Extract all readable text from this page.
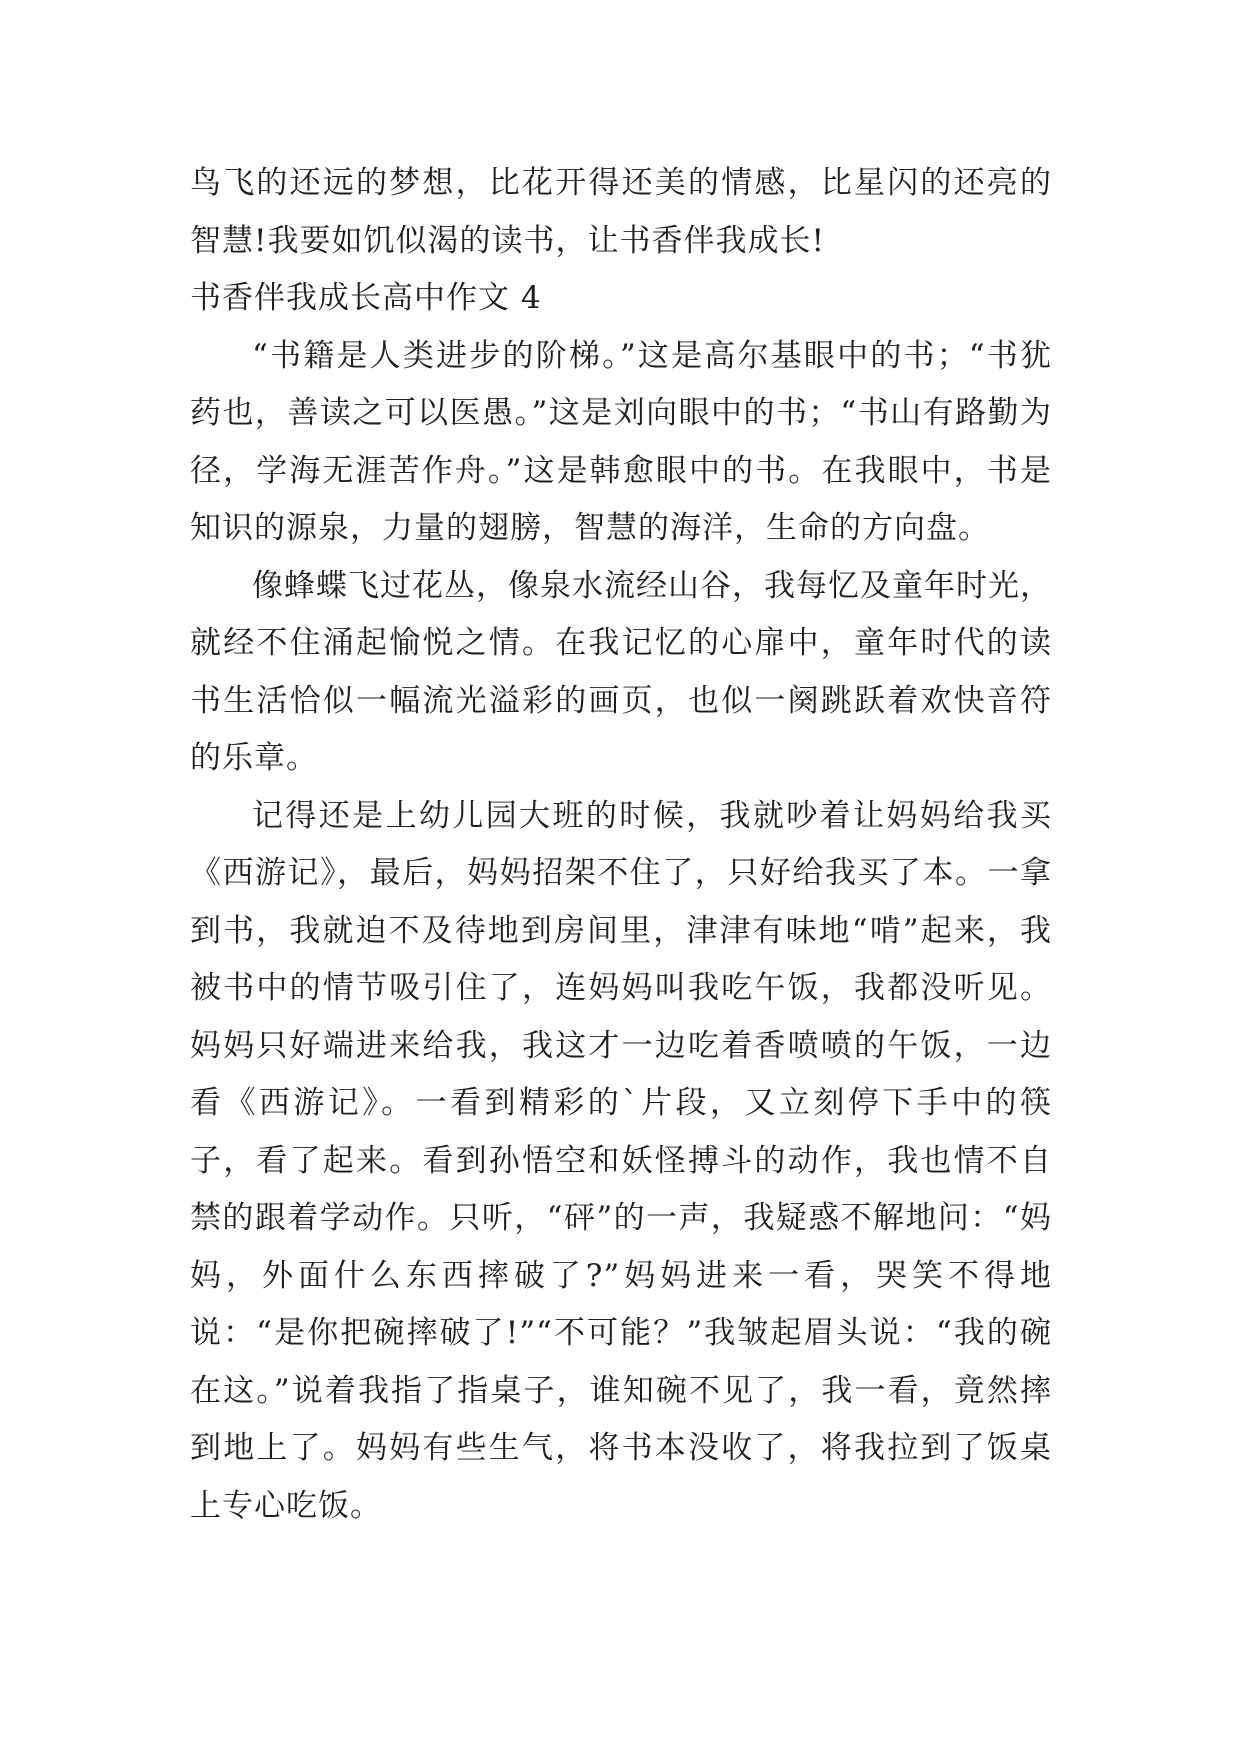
鸟飞的还远的梦想，比花开得还美的情感，比星闪的还亮的智慧!我要如饥似渴的读书，让书香伴我成长!

书香伴我成长高中作文 4

“书籍是人类进步的阶梯。”这是高尔基眼中的书；“书犹药也，善读之可以医愚。”这是刘向眼中的书；“书山有路勤为径，学海无涯苦作舟。”这是韩愈眼中的书。在我眼中，书是知识的源泉，力量的翅膀，智慧的海洋，生命的方向盘。

像蜂蝶飞过花丛，像泉水流经山谷，我每忆及童年时光，就经不住涌起愉悦之情。在我记忆的心扉中，童年时代的读书生活恰似一幅流光溢彩的画页，也似一阕跳跃着欢快音符的乐章。

记得还是上幼儿园大班的时候，我就吵着让妈妈给我买《西游记》，最后，妈妈招架不住了，只好给我买了本。一拿到书，我就迫不及待地到房间里，津津有味地“啃”起来，我被书中的情节吸引住了，连妈妈叫我吃午饭，我都没听见。妈妈只好端进来给我，我这才一边吃着香喷喷的午饭，一边看《西游记》。一看到精彩的`片段，又立刻停下手中的筷子，看了起来。看到孙悟空和妖怪搏斗的动作，我也情不自禁的跟着学动作。只听，“砰”的一声，我疑惑不解地问：“妈妈，外面什么东西摔破了?”妈妈进来一看，哭笑不得地说：“是你把碗摔破了!”“不可能？”我皱起眉头说：“我的碗在这。”说着我指了指桌子，谁知碗不见了，我一看，竟然摔到地上了。妈妈有些生气，将书本没收了，将我拉到了饭桌上专心吃饭。
